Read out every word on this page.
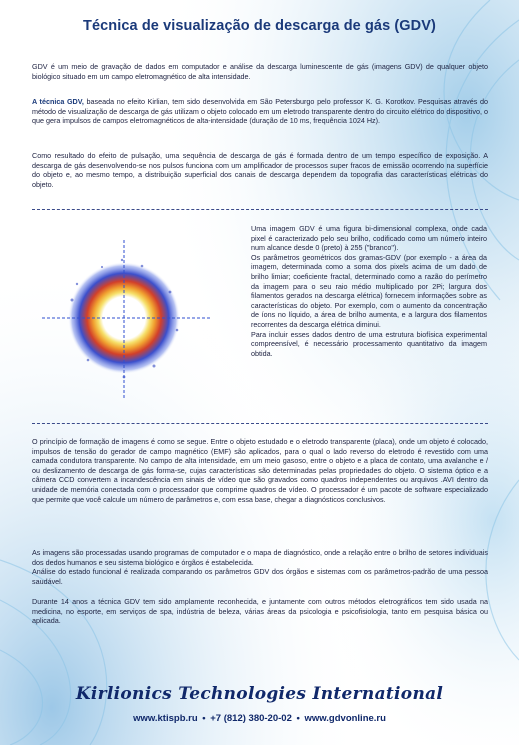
Técnica de visualização de descarga de gás (GDV)

GDV é um meio de gravação de dados em computador e análise da descarga luminescente de gás (imagens GDV) de qualquer objeto biológico situado em um campo eletromagnético de alta intensidade.

A técnica GDV, baseada no efeito Kirlian, tem sido desenvolvida em São Petersburgo pelo professor K. G. Korotkov. Pesquisas através do método de visualização de descarga de gás utilizam o objeto colocado em um eletrodo transparente dentro do circuito elétrico do dispositivo, o que gera impulsos de campos eletromagnéticos de alta-intensidade (duração de 10 ms, frequência 1024 Hz).

Como resultado do efeito de pulsação, uma sequência de descarga de gás é formada dentro de um tempo específico de exposição. A descarga de gás desenvolvendo-se nos pulsos funciona com um amplificador de processos super fracos de emissão ocorrendo na superfície do objeto e, ao mesmo tempo, a distribuição superficial dos canais de descarga dependem da topografia das características elétricas do objeto.

Uma imagem GDV é uma figura bi-dimensional complexa, onde cada pixel é caracterizado pelo seu brilho, codificado como um número inteiro num alcance desde 0 (preto) à 255 ("branco").

Os parâmetros geométricos dos gramas-GDV (por exemplo - a área da imagem, determinada como a soma dos pixels acima de um dado de brilho limiar; coeficiente fractal, determinado como a razão do perímetro da imagem para o seu raio médio multiplicado por 2Pi; largura dos filamentos gerados na descarga elétrica) fornecem informações sobre as características do objeto. Por exemplo, com o aumento da concentração de íons no líquido, a área de brilho aumenta, e a largura dos filamentos recorrentes da descarga elétrica diminui.

Para incluir esses dados dentro de uma estrutura biofísica experimental compreensível, é necessário processamento quantitativo da imagem obtida.

O princípio de formação de imagens é como se segue. Entre o objeto estudado e o eletrodo transparente (placa), onde um objeto é colocado, impulsos de tensão do gerador de campo magnético (EMF) são aplicados, para o qual o lado reverso do eletrodo é revestido com uma camada condutora transparente. No campo de alta intensidade, em um meio gasoso, entre o objeto e a placa de contato, uma avalanche e / ou deslizamento de descarga de gás forma-se, cujas características são determinadas pelas propriedades do objeto. O sistema óptico e a câmera CCD convertem a incandescência em sinais de vídeo que são gravados como quadros independentes ou arquivos .AVI dentro da unidade de memória conectada com o processador que comprime quadros de vídeo. O processador é um pacote de software especializado que permite que você calcule um número de parâmetros e, com essa base, chegar a diagnósticos conclusivos.

As imagens são processadas usando programas de computador e o mapa de diagnóstico, onde a relação entre o brilho de setores individuais dos dedos humanos e seu sistema biológico e órgãos é estabelecida.

Análise do estado funcional é realizada comparando os parâmetros GDV dos órgãos e sistemas com os parâmetros-padrão de uma pessoa saudável.

Durante 14 anos a técnica GDV tem sido amplamente reconhecida, e juntamente com outros métodos eletrográficos tem sido usada na medicina, no esporte, em serviços de spa, indústria de beleza, várias áreas da psicologia e psicofisiologia, tanto em pesquisa básica ou aplicada.

Kirlionics Technologies International
www.ktispb.ru • +7 (812) 380-20-02 • www.gdvonline.ru
